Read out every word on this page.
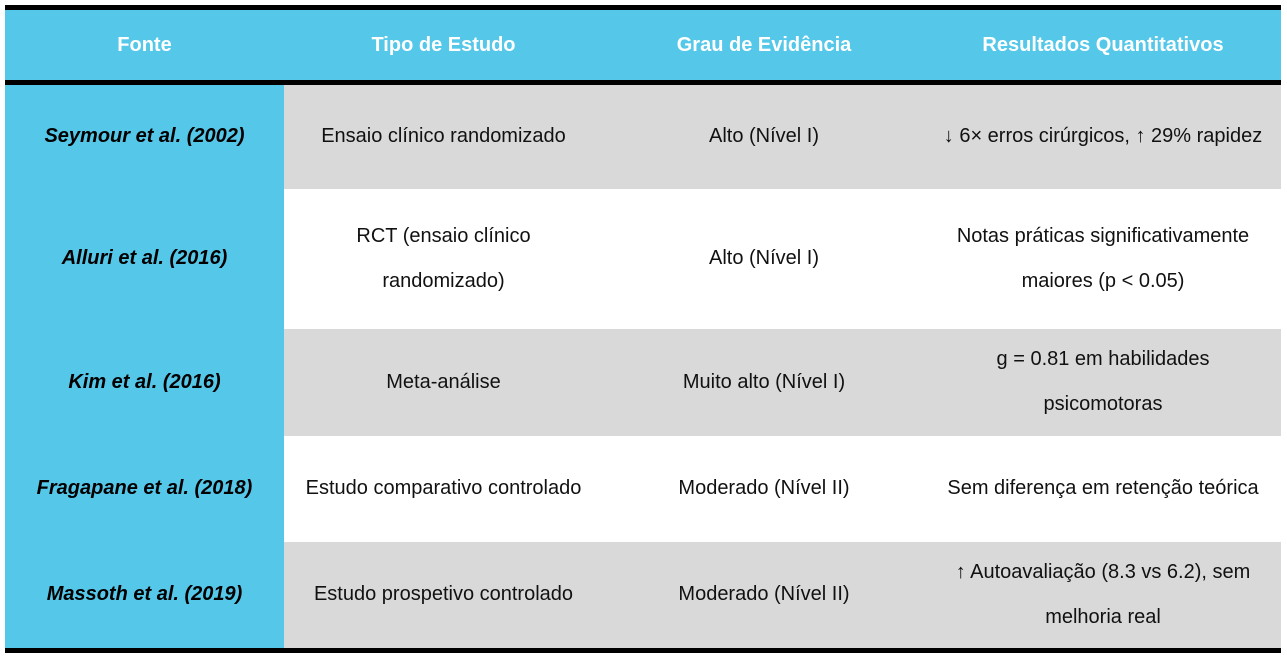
Fonte	Tipo de Estudo	Grau de Evidência	Resultados Quantitativos
Seymour et al. (2002)	Ensaio clínico randomizado	Alto (Nível I)	↓ 6× erros cirúrgicos, ↑ 29% rapidez
Alluri et al. (2016)	RCT (ensaio clínico randomizado)	Alto (Nível I)	Notas práticas significativamente maiores (p < 0.05)
Kim et al. (2016)	Meta-análise	Muito alto (Nível I)	g = 0.81 em habilidades psicomotoras
Fragapane et al. (2018)	Estudo comparativo controlado	Moderado (Nível II)	Sem diferença em retenção teórica
Massoth et al. (2019)	Estudo prospetivo controlado	Moderado (Nível II)	↑ Autoavaliação (8.3 vs 6.2), sem melhoria real
